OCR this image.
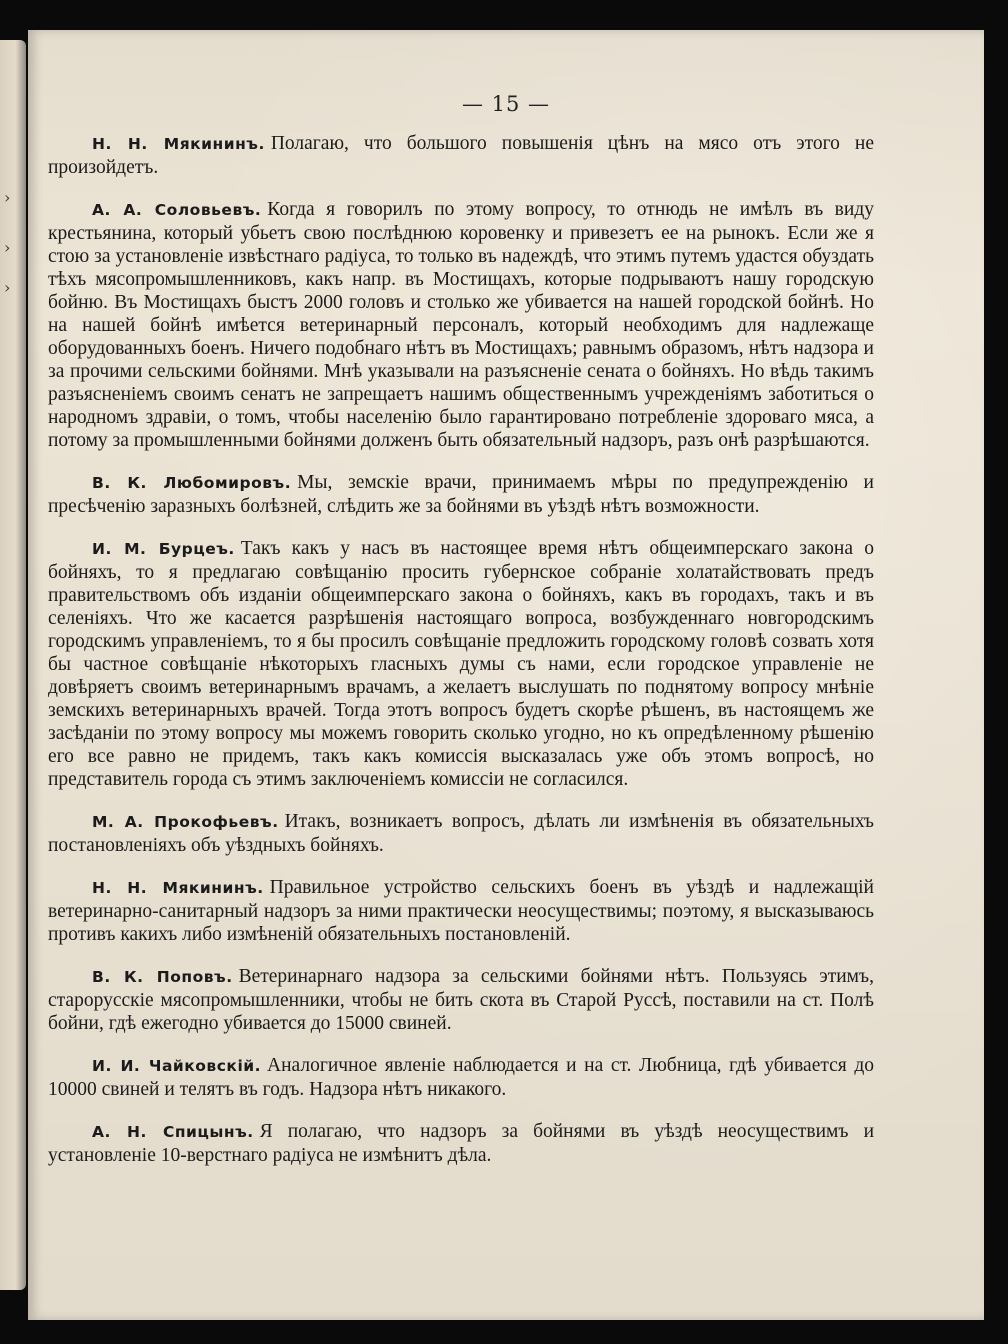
›
›
›
— 15 —

Н. Н. Мякининъ. Полагаю, что большого повышенія цѣнъ на мясо отъ этого не произойдетъ.

А. А. Соловьевъ. Когда я говорилъ по этому вопросу, то отнюдь не имѣлъ въ виду крестьянина, который убьетъ свою послѣднюю коровенку и привезетъ ее на рынокъ. Если же я стою за установленіе извѣстнаго радіуса, то только въ надеждѣ, что этимъ путемъ удастся обуздать тѣхъ мясопромышленниковъ, какъ напр. въ Мостищахъ, которые подрываютъ нашу городскую бойню. Въ Мостищахъ быстъ 2000 головъ и столько же убивается на нашей городской бойнѣ. Но на нашей бойнѣ имѣется ветеринарный персоналъ, который необходимъ для надлежаще оборудованныхъ боенъ. Ничего подобнаго нѣтъ въ Мостищахъ; равнымъ образомъ, нѣтъ надзора и за прочими сельскими бойнями. Мнѣ указывали на разъясненіе сената о бойняхъ. Но вѣдь такимъ разъясненіемъ своимъ сенатъ не запрещаетъ нашимъ общественнымъ учрежденіямъ заботиться о народномъ здравіи, о томъ, чтобы населенію было гарантировано потребленіе здороваго мяса, а потому за промышленными бойнями долженъ быть обязательный надзоръ, разъ онѣ разрѣшаются.

В. К. Любомировъ. Мы, земскіе врачи, принимаемъ мѣры по предупрежденію и пресѣченію заразныхъ болѣзней, слѣдить же за бойнями въ уѣздѣ нѣтъ возможности.

И. М. Бурцеъ. Такъ какъ у насъ въ настоящее время нѣтъ общеимперскаго закона о бойняхъ, то я предлагаю совѣщанію просить губернское собраніе холатайствовать предъ правительствомъ объ изданіи общеимперскаго закона о бойняхъ, какъ въ городахъ, такъ и въ селеніяхъ. Что же касается разрѣшенія настоящаго вопроса, возбужденнаго новгородскимъ городскимъ управленіемъ, то я бы просилъ совѣщаніе предложить городскому головѣ созвать хотя бы частное совѣщаніе нѣкоторыхъ гласныхъ думы съ нами, если городское управленіе не довѣряетъ своимъ ветеринарнымъ врачамъ, а желаетъ выслушать по поднятому вопросу мнѣніе земскихъ ветеринарныхъ врачей. Тогда этотъ вопросъ будетъ скорѣе рѣшенъ, въ настоящемъ же засѣданіи по этому вопросу мы можемъ говорить сколько угодно, но къ опредѣленному рѣшенію его все равно не придемъ, такъ какъ комиссія высказалась уже объ этомъ вопросѣ, но представитель города съ этимъ заключеніемъ комиссіи не согласился.

М. А. Прокофьевъ. Итакъ, возникаетъ вопросъ, дѣлать ли измѣненія въ обязательныхъ постановленіяхъ объ уѣздныхъ бойняхъ.

Н. Н. Мякининъ. Правильное устройство сельскихъ боенъ въ уѣздѣ и надлежащій ветеринарно-санитарный надзоръ за ними практически неосуществимы; поэтому, я высказываюсь противъ какихъ либо измѣненій обязательныхъ постановленій.

В. К. Поповъ. Ветеринарнаго надзора за сельскими бойнями нѣтъ. Пользуясь этимъ, старорусскіе мясопромышленники, чтобы не бить скота въ Старой Руссѣ, поставили на ст. Полѣ бойни, гдѣ ежегодно убивается до 15000 свиней.

И. И. Чайковскій. Аналогичное явленіе наблюдается и на ст. Любница, гдѣ убивается до 10000 свиней и телятъ въ годъ. Надзора нѣтъ никакого.

А. Н. Спицынъ. Я полагаю, что надзоръ за бойнями въ уѣздѣ неосуществимъ и установленіе 10-верстнаго радіуса не измѣнитъ дѣла.
